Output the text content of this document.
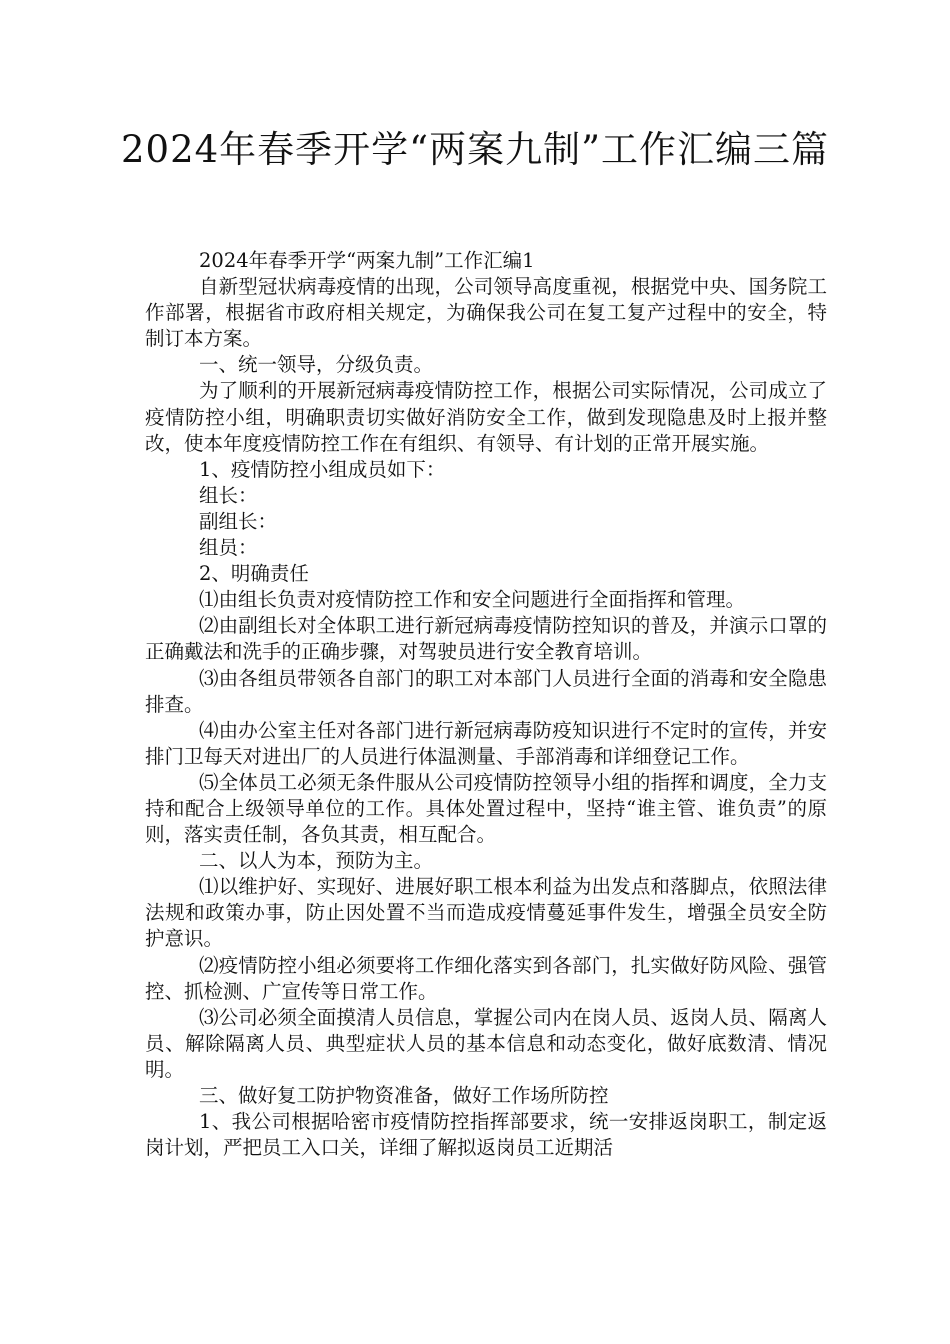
2024年春季开学“两案九制”工作汇编三篇

2024年春季开学“两案九制”工作汇编1

自新型冠状病毒疫情的出现，公司领导高度重视，根据党中央、国务院工作部署，根据省市政府相关规定，为确保我公司在复工复产过程中的安全，特制订本方案。

一、统一领导，分级负责。

为了顺利的开展新冠病毒疫情防控工作，根据公司实际情况，公司成立了疫情防控小组，明确职责切实做好消防安全工作，做到发现隐患及时上报并整改，使本年度疫情防控工作在有组织、有领导、有计划的正常开展实施。

1、疫情防控小组成员如下：

组长：

副组长：

组员：

2、明确责任

⑴由组长负责对疫情防控工作和安全问题进行全面指挥和管理。

⑵由副组长对全体职工进行新冠病毒疫情防控知识的普及，并演示口罩的正确戴法和洗手的正确步骤，对驾驶员进行安全教育培训。

⑶由各组员带领各自部门的职工对本部门人员进行全面的消毒和安全隐患排查。

⑷由办公室主任对各部门进行新冠病毒防疫知识进行不定时的宣传，并安排门卫每天对进出厂的人员进行体温测量、手部消毒和详细登记工作。

⑸全体员工必须无条件服从公司疫情防控领导小组的指挥和调度，全力支持和配合上级领导单位的工作。具体处置过程中，坚持“谁主管、谁负责”的原则，落实责任制，各负其责，相互配合。

二、以人为本，预防为主。

⑴以维护好、实现好、进展好职工根本利益为出发点和落脚点，依照法律法规和政策办事，防止因处置不当而造成疫情蔓延事件发生，增强全员安全防护意识。

⑵疫情防控小组必须要将工作细化落实到各部门，扎实做好防风险、强管控、抓检测、广宣传等日常工作。

⑶公司必须全面摸清人员信息，掌握公司内在岗人员、返岗人员、隔离人员、解除隔离人员、典型症状人员的基本信息和动态变化，做好底数清、情况明。

三、做好复工防护物资准备，做好工作场所防控

1、我公司根据哈密市疫情防控指挥部要求，统一安排返岗职工，制定返岗计划，严把员工入口关，详细了解拟返岗员工近期活
